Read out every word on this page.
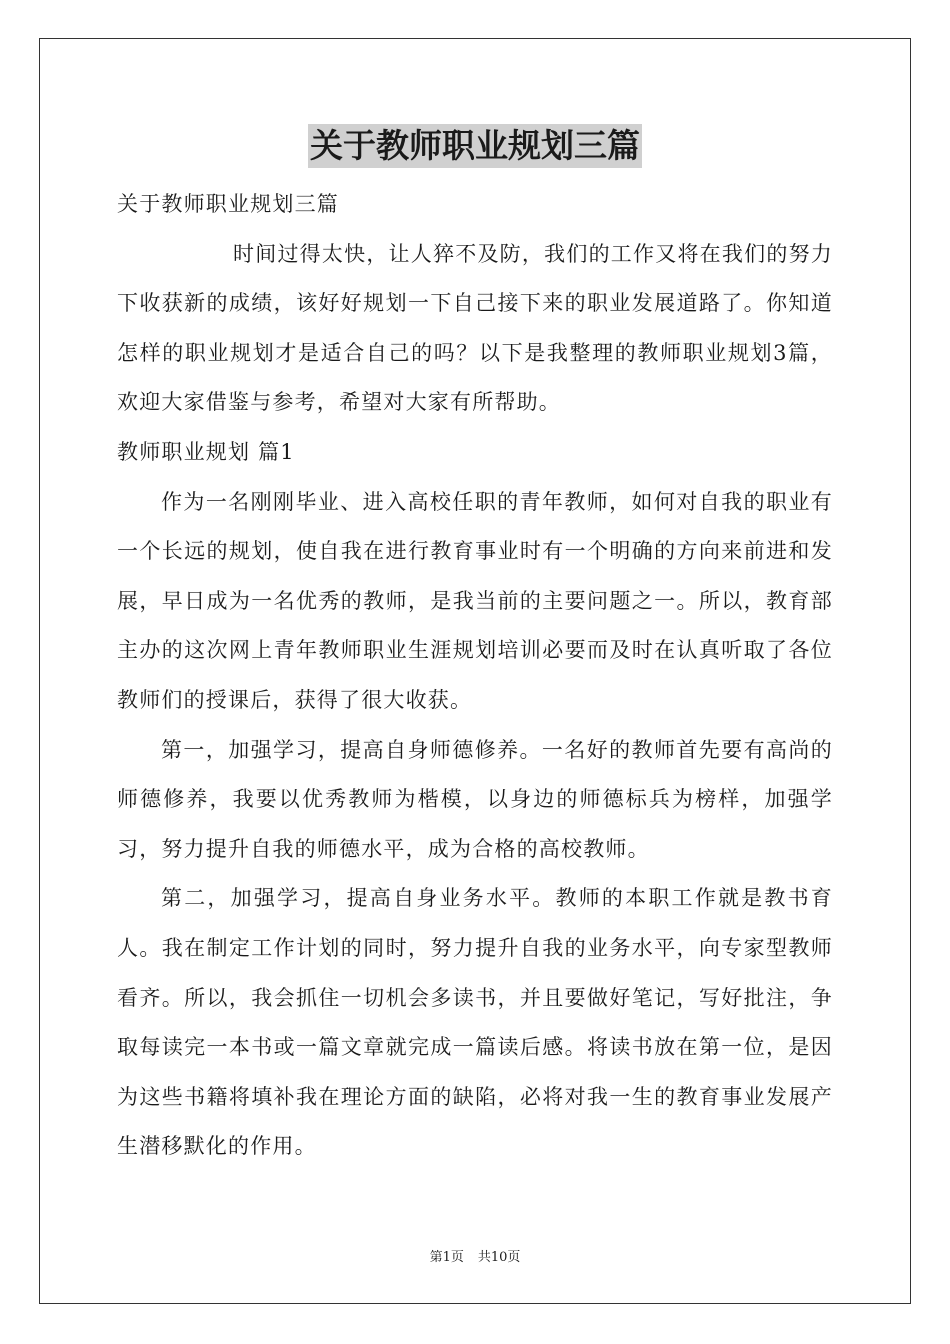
关于教师职业规划三篇

关于教师职业规划三篇

时间过得太快，让人猝不及防，我们的工作又将在我们的努力下收获新的成绩，该好好规划一下自己接下来的职业发展道路了。你知道怎样的职业规划才是适合自己的吗？以下是我整理的教师职业规划3篇，欢迎大家借鉴与参考，希望对大家有所帮助。

教师职业规划 篇1

作为一名刚刚毕业、进入高校任职的青年教师，如何对自我的职业有一个长远的规划，使自我在进行教育事业时有一个明确的方向来前进和发展，早日成为一名优秀的教师，是我当前的主要问题之一。所以，教育部主办的这次网上青年教师职业生涯规划培训必要而及时在认真听取了各位教师们的授课后，获得了很大收获。

第一，加强学习，提高自身师德修养。一名好的教师首先要有高尚的师德修养，我要以优秀教师为楷模，以身边的师德标兵为榜样，加强学习，努力提升自我的师德水平，成为合格的高校教师。

第二，加强学习，提高自身业务水平。教师的本职工作就是教书育人。我在制定工作计划的同时，努力提升自我的业务水平，向专家型教师看齐。所以，我会抓住一切机会多读书，并且要做好笔记，写好批注，争取每读完一本书或一篇文章就完成一篇读后感。将读书放在第一位，是因为这些书籍将填补我在理论方面的缺陷，必将对我一生的教育事业发展产生潜移默化的作用。

第1页 共10页
